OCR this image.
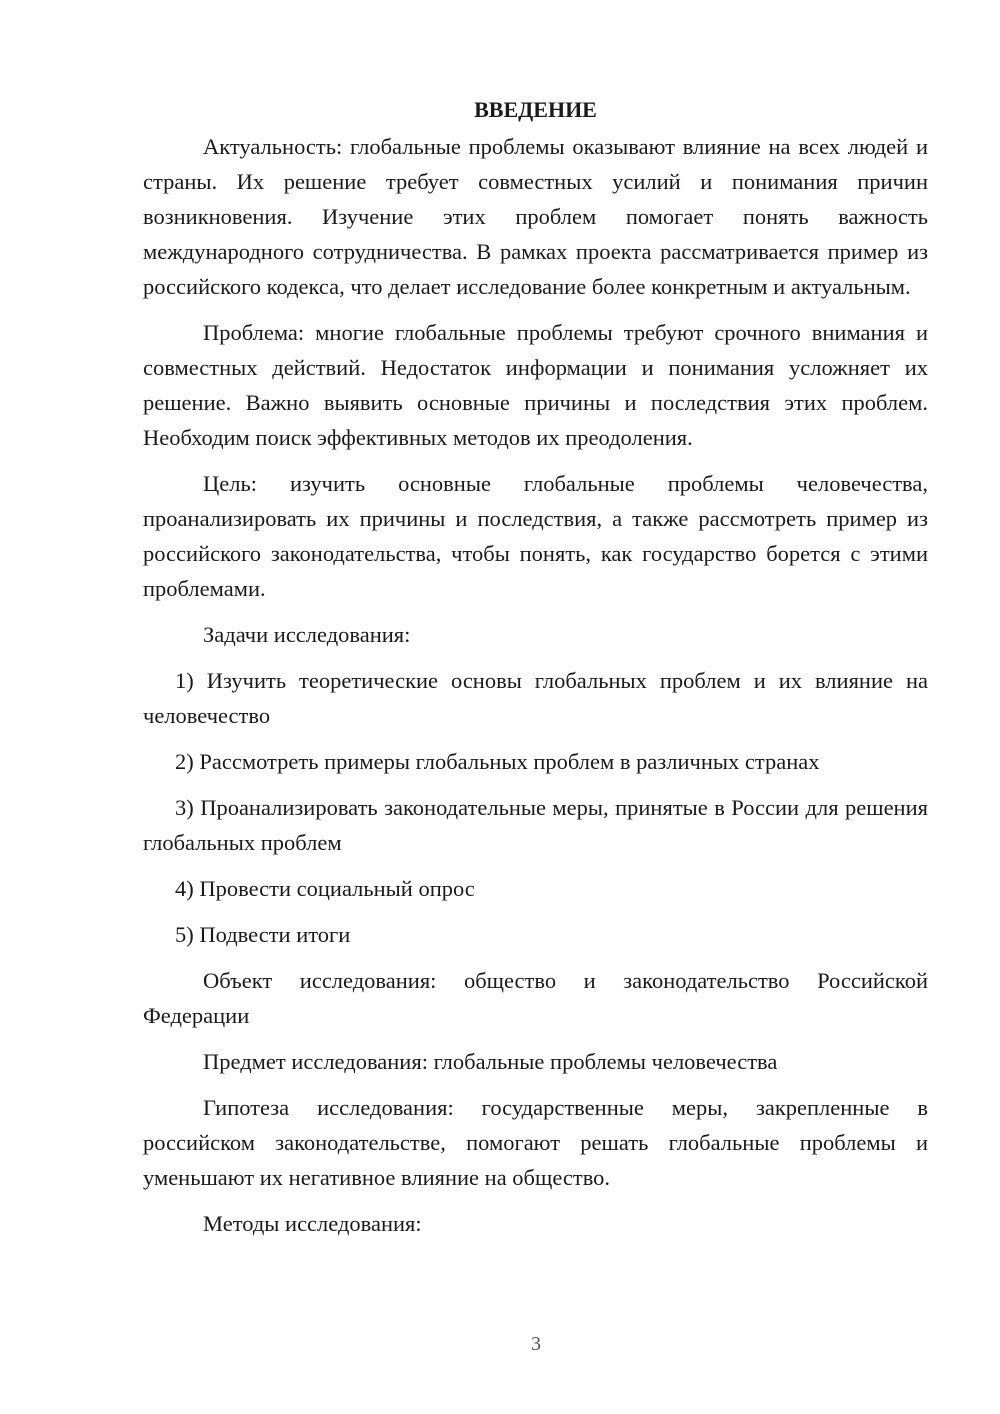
ВВЕДЕНИЕ

Актуальность: глобальные проблемы оказывают влияние на всех людей и страны. Их решение требует совместных усилий и понимания причин возникновения. Изучение этих проблем помогает понять важность международного сотрудничества. В рамках проекта рассматривается пример из российского кодекса, что делает исследование более конкретным и актуальным.

Проблема: многие глобальные проблемы требуют срочного внимания и совместных действий. Недостаток информации и понимания усложняет их решение. Важно выявить основные причины и последствия этих проблем. Необходим поиск эффективных методов их преодоления.

Цель: изучить основные глобальные проблемы человечества, проанализировать их причины и последствия, а также рассмотреть пример из российского законодательства, чтобы понять, как государство борется с этими проблемами.

Задачи исследования:

1) Изучить теоретические основы глобальных проблем и их влияние на человечество

2) Рассмотреть примеры глобальных проблем в различных странах

3) Проанализировать законодательные меры, принятые в России для решения глобальных проблем

4) Провести социальный опрос

5) Подвести итоги

Объект исследования: общество и законодательство Российской Федерации

Предмет исследования: глобальные проблемы человечества

Гипотеза исследования: государственные меры, закрепленные в российском законодательстве, помогают решать глобальные проблемы и уменьшают их негативное влияние на общество.

Методы исследования:

3
